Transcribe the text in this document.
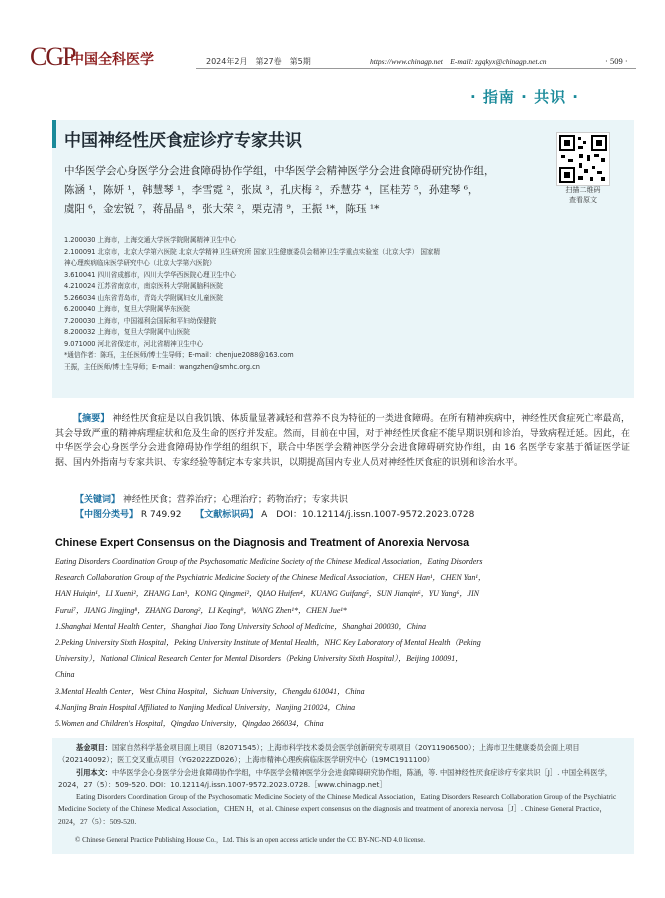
CGP
中国全科医学	2024年2月　第27卷　第5期	https://www.chinagp.net　E-mail: zgqkyx@chinagp.net.cn	· 509 ·
· 指南 · 共识 ·
中国神经性厌食症诊疗专家共识
中华医学会心身医学分会进食障碍协作学组，中华医学会精神医学分会进食障碍研究协作组，
陈涵 ¹，陈妍 ¹，韩慧琴 ¹，李雪霓 ²，张岚 ³，孔庆梅 ²，乔慧芬 ⁴，匡桂芳 ⁵，孙建琴 ⁶，
虞阳 ⁶，金宏锐 ⁷，蒋晶晶 ⁸，张大荣 ²，栗克清 ⁹，王振 ¹*，陈珏 ¹*
扫描二维码
查看原文
1.200030 上海市，上海交通大学医学院附属精神卫生中心
2.100091 北京市，北京大学第六医院 北京大学精神卫生研究所 国家卫生健康委员会精神卫生学重点实验室（北京大学） 国家精
神心理疾病临床医学研究中心（北京大学第六医院）
3.610041 四川省成都市，四川大学华西医院心理卫生中心
4.210024 江苏省南京市，南京医科大学附属脑科医院
5.266034 山东省青岛市，青岛大学附属妇女儿童医院
6.200040 上海市，复旦大学附属华东医院
7.200030 上海市，中国福利会国际和平妇幼保健院
8.200032 上海市，复旦大学附属中山医院
9.071000 河北省保定市，河北省精神卫生中心
*通信作者：陈珏，主任医师/博士生导师；E-mail：chenjue2088@163.com
王振，主任医师/博士生导师；E-mail：wangzhen@smhc.org.cn
【摘要】 神经性厌食症是以自我饥饿、体质量显著减轻和营养不良为特征的一类进食障碍。在所有精神疾病中，神经性厌食症死亡率最高，其会导致严重的精神病理症状和危及生命的医疗并发症。然而，目前在中国，对于神经性厌食症不能早期识别和诊治，导致病程迁延。因此，在中华医学会心身医学分会进食障碍协作学组的组织下，联合中华医学会精神医学分会进食障碍研究协作组，由 16 名医学专家基于循证医学证据、国内外指南与专家共识、专家经验等制定本专家共识，以期提高国内专业人员对神经性厌食症的识别和诊治水平。
【关键词】 神经性厌食；营养治疗；心理治疗；药物治疗；专家共识
【中图分类号】 R 749.92 【文献标识码】 A　DOI：10.12114/j.issn.1007-9572.2023.0728
Chinese Expert Consensus on the Diagnosis and Treatment of Anorexia Nervosa
Eating Disorders Coordination Group of the Psychosomatic Medicine Society of the Chinese Medical Association，Eating Disorders
Research Collaboration Group of the Psychiatric Medicine Society of the Chinese Medical Association，CHEN Han¹，CHEN Yan¹，
HAN Huiqin¹，LI Xueni²，ZHANG Lan³，KONG Qingmei²，QIAO Huifen⁴，KUANG Guifang⁵，SUN Jianqin⁶，YU Yang⁶，JIN
Furui⁷，JIANG Jingjing⁸，ZHANG Darong²，LI Keqing⁹，WANG Zhen¹*，CHEN Jue¹*
1.Shanghai Mental Health Center，Shanghai Jiao Tong University School of Medicine，Shanghai 200030，China
2.Peking University Sixth Hospital，Peking University Institute of Mental Health，NHC Key Laboratory of Mental Health（Peking
University），National Clinical Research Center for Mental Disorders（Peking University Sixth Hospital），Beijing 100091，
China
3.Mental Health Center，West China Hospital，Sichuan University，Chengdu 610041，China
4.Nanjing Brain Hospital Affiliated to Nanjing Medical University，Nanjing 210024，China
5.Women and Children's Hospital，Qingdao University，Qingdao 266034，China
基金项目：国家自然科学基金项目面上项目（82071545）；上海市科学技术委员会医学创新研究专项项目（20Y11906500）；上海市卫生健康委员会面上项目（202140092）；医工交叉重点项目（YG2022ZD026）；上海市精神心理疾病临床医学研究中心（19MC1911100）
引用本文：中华医学会心身医学分会进食障碍协作学组，中华医学会精神医学分会进食障碍研究协作组，陈涵，等. 中国神经性厌食症诊疗专家共识［J］. 中国全科医学，2024，27（5）：509-520. DOI：10.12114/j.issn.1007-9572.2023.0728.［www.chinagp.net］
Eating Disorders Coordination Group of the Psychosomatic Medicine Society of the Chinese Medical Association，Eating Disorders Research Collaboration Group of the Psychiatric Medicine Society of the Chinese Medical Association，CHEN H，et al. Chinese expert consensus on the diagnosis and treatment of anorexia nervosa［J］. Chinese General Practice，2024，27（5）：509-520.
© Chinese General Practice Publishing House Co.，Ltd. This is an open access article under the CC BY-NC-ND 4.0 license.
